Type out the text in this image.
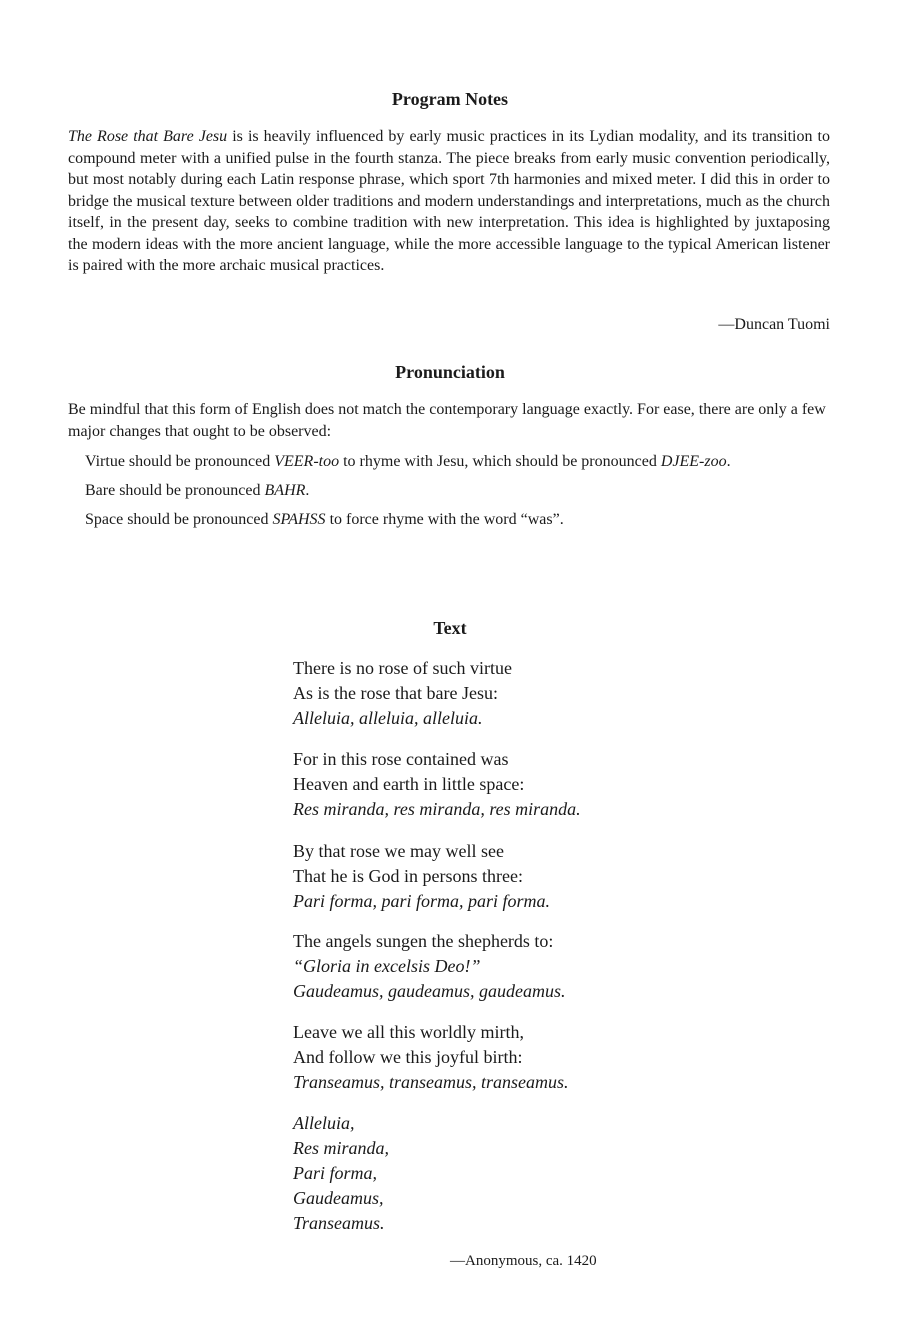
Program Notes

The Rose that Bare Jesu is is heavily influenced by early music practices in its Lydian modality, and its transition to compound meter with a unified pulse in the fourth stanza. The piece breaks from early music convention periodically, but most notably during each Latin response phrase, which sport 7th harmonies and mixed meter. I did this in order to bridge the musical texture between older traditions and modern understandings and interpretations, much as the church itself, in the present day, seeks to combine tradition with new interpretation. This idea is highlighted by juxtaposing the modern ideas with the more ancient language, while the more accessible language to the typical American listener is paired with the more archaic musical practices.

—Duncan Tuomi

Pronunciation

Be mindful that this form of English does not match the contemporary language exactly. For ease, there are only a few major changes that ought to be observed:

Virtue should be pronounced VEER-too to rhyme with Jesu, which should be pronounced DJEE-zoo.

Bare should be pronounced BAHR.

Space should be pronounced SPAHSS to force rhyme with the word “was”.

Text
There is no rose of such virtue
As is the rose that bare Jesu:
Alleluia, alleluia, alleluia.
For in this rose contained was
Heaven and earth in little space:
Res miranda, res miranda, res miranda.
By that rose we may well see
That he is God in persons three:
Pari forma, pari forma, pari forma.
The angels sungen the shepherds to:
“Gloria in excelsis Deo!”
Gaudeamus, gaudeamus, gaudeamus.
Leave we all this worldly mirth,
And follow we this joyful birth:
Transeamus, transeamus, transeamus.
Alleluia,
Res miranda,
Pari forma,
Gaudeamus,
Transeamus.

—Anonymous, ca. 1420
